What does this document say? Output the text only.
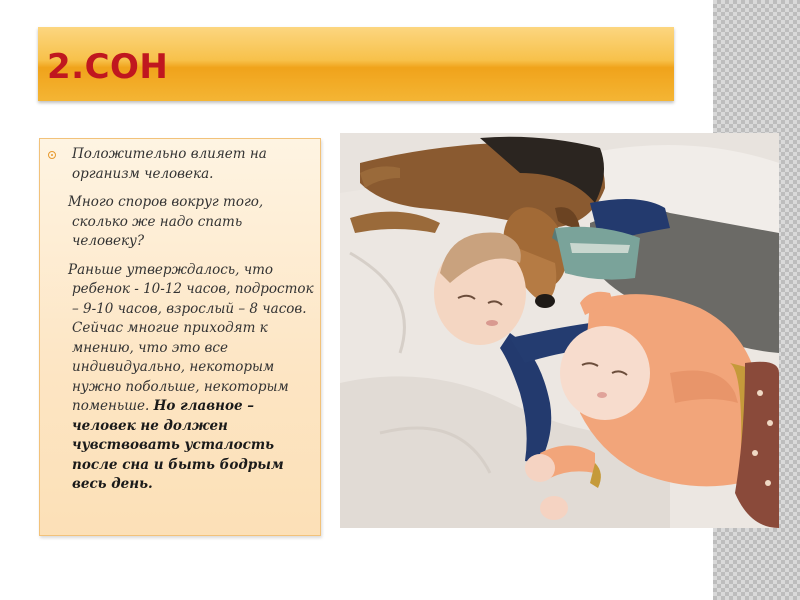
2.СОН

Положительно влияет на организм человека.

Много споров вокруг того, сколько же надо спать человеку?

Раньше утверждалось, что ребенок - 10-12 часов, подросток – 9-10 часов, взрослый – 8 часов. Сейчас многие приходят к мнению, что это все индивидуально, некоторым нужно побольше, некоторым поменьше. Но главное – человек не должен чувствовать усталость после сна и быть бодрым весь день.
